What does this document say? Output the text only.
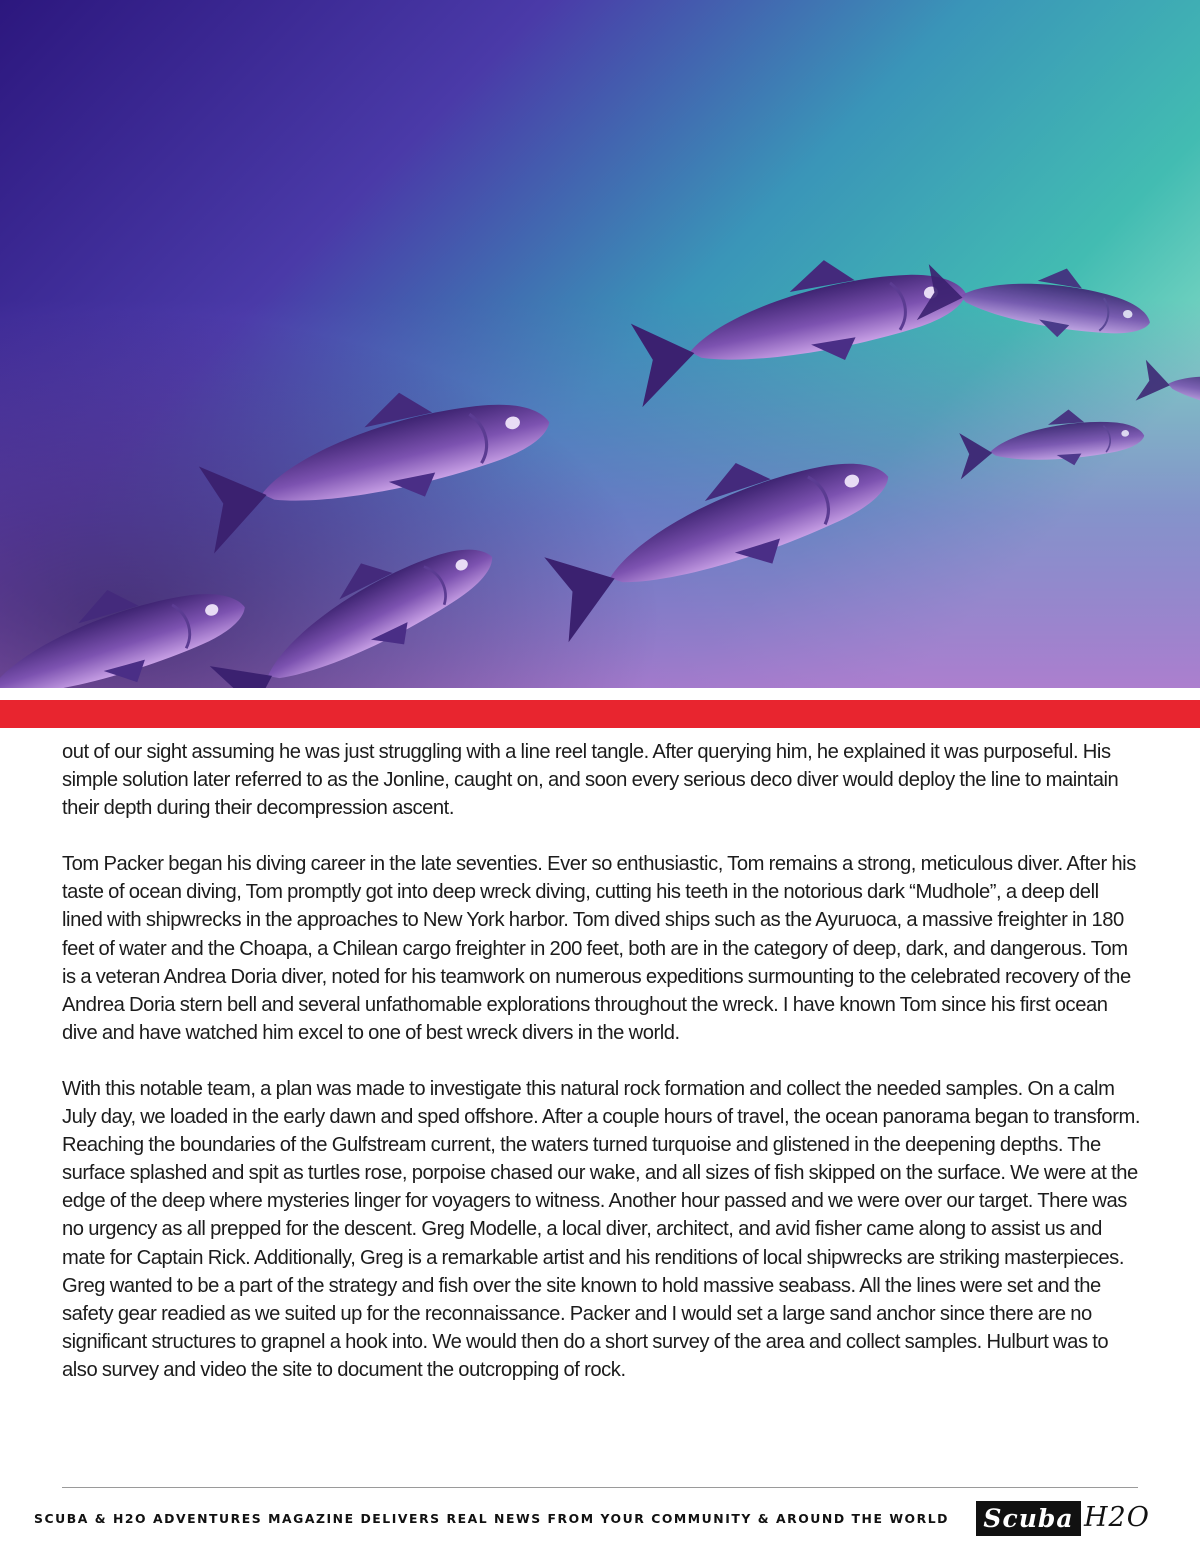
out of our sight assuming he was just struggling with a line reel tangle. After querying him, he explained it was purposeful. His simple solution later referred to as the Jonline, caught on, and soon every serious deco diver would deploy the line to maintain their depth during their decompression ascent.

Tom Packer began his diving career in the late seventies. Ever so enthusiastic, Tom remains a strong, meticulous diver. After his taste of ocean diving, Tom promptly got into deep wreck diving, cutting his teeth in the notorious dark “Mudhole”, a deep dell lined with shipwrecks in the approaches to New York harbor. Tom dived ships such as the Ayuruoca, a massive freighter in 180 feet of water and the Choapa, a Chilean cargo freighter in 200 feet, both are in the category of deep, dark, and dangerous. Tom is a veteran Andrea Doria diver, noted for his teamwork on numerous expeditions surmounting to the celebrated recovery of the Andrea Doria stern bell and several unfathomable explorations throughout the wreck. I have known Tom since his first ocean dive and have watched him excel to one of best wreck divers in the world.

With this notable team, a plan was made to investigate this natural rock formation and collect the needed samples. On a calm July day, we loaded in the early dawn and sped offshore. After a couple hours of travel, the ocean panorama began to transform. Reaching the boundaries of the Gulfstream current, the waters turned turquoise and glistened in the deepening depths. The surface splashed and spit as turtles rose, porpoise chased our wake, and all sizes of fish skipped on the surface. We were at the edge of the deep where mysteries linger for voyagers to witness. Another hour passed and we were over our target. There was no urgency as all prepped for the descent. Greg Modelle, a local diver, architect, and avid fisher came along to assist us and mate for Captain Rick. Additionally, Greg is a remarkable artist and his renditions of local shipwrecks are striking masterpieces. Greg wanted to be a part of the strategy and fish over the site known to hold massive seabass. All the lines were set and the safety gear readied as we suited up for the reconnaissance. Packer and I would set a large sand anchor since there are no significant structures to grapnel a hook into. We would then do a short survey of the area and collect samples. Hulburt was to also survey and video the site to document the outcropping of rock.

SCUBA & H2O ADVENTURES MAGAZINE DELIVERS REAL NEWS FROM YOUR COMMUNITY & AROUND THE WORLD Scuba H2O
